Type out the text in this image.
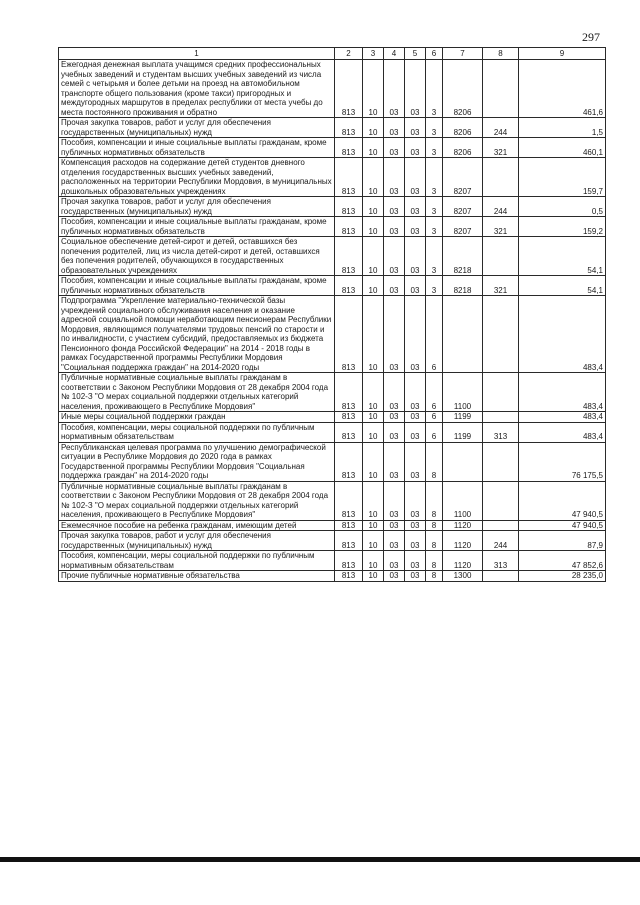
297
1	2	3	4	5	6	7	8	9
Ежегодная денежная выплата учащимся средних профессиональных учебных заведений и студентам высших учебных заведений из числа семей с четырьмя и более детьми на проезд на автомобильном транспорте общего пользования (кроме такси) пригородных и междугородных маршрутов в пределах республики от места учебы до места постоянного проживания и обратно	813	10	03	03	3	8206		461,6
Прочая закупка товаров, работ и услуг для обеспечения государственных (муниципальных) нужд	813	10	03	03	3	8206	244	1,5
Пособия, компенсации и иные социальные выплаты гражданам, кроме публичных нормативных обязательств	813	10	03	03	3	8206	321	460,1
Компенсация расходов на содержание детей студентов дневного отделения государственных высших учебных заведений, расположенных на территории Республики Мордовия, в муниципальных дошкольных образовательных учреждениях	813	10	03	03	3	8207		159,7
Прочая закупка товаров, работ и услуг для обеспечения государственных (муниципальных) нужд	813	10	03	03	3	8207	244	0,5
Пособия, компенсации и иные социальные выплаты гражданам, кроме публичных нормативных обязательств	813	10	03	03	3	8207	321	159,2
Социальное обеспечение детей-сирот и детей, оставшихся без попечения родителей, лиц из числа детей-сирот и детей, оставшихся без попечения родителей, обучающихся в государственных образовательных учреждениях	813	10	03	03	3	8218		54,1
Пособия, компенсации и иные социальные выплаты гражданам, кроме публичных нормативных обязательств	813	10	03	03	3	8218	321	54,1
Подпрограмма "Укрепление материально-технической базы учреждений социального обслуживания населения и оказание адресной социальной помощи неработающим пенсионерам Республики Мордовия, являющимся получателями трудовых пенсий по старости и по инвалидности, с участием субсидий, предоставляемых из бюджета Пенсионного фонда Российской Федерации" на 2014 - 2018 годы в рамках Государственной программы Республики Мордовия "Социальная поддержка граждан" на 2014-2020 годы	813	10	03	03	6			483,4
Публичные нормативные социальные выплаты гражданам в соответствии с Законом Республики Мордовия от 28 декабря 2004 года № 102-З "О мерах социальной поддержки отдельных категорий населения, проживающего в Республике Мордовия"	813	10	03	03	6	1100		483,4
Иные меры социальной поддержки граждан	813	10	03	03	6	1199		483,4
Пособия, компенсации, меры социальной поддержки по публичным нормативным обязательствам	813	10	03	03	6	1199	313	483,4
Республиканская целевая программа по улучшению демографической ситуации в Республике Мордовия до 2020 года в рамках Государственной программы Республики Мордовия "Социальная поддержка граждан" на 2014-2020 годы	813	10	03	03	8			76 175,5
Публичные нормативные социальные выплаты гражданам в соответствии с Законом Республики Мордовия от 28 декабря 2004 года № 102-З "О мерах социальной поддержки отдельных категорий населения, проживающего в Республике Мордовия"	813	10	03	03	8	1100		47 940,5
Ежемесячное пособие на ребенка гражданам, имеющим детей	813	10	03	03	8	1120		47 940,5
Прочая закупка товаров, работ и услуг для обеспечения государственных (муниципальных) нужд	813	10	03	03	8	1120	244	87,9
Пособия, компенсации, меры социальной поддержки по публичным нормативным обязательствам	813	10	03	03	8	1120	313	47 852,6
Прочие публичные нормативные обязательства	813	10	03	03	8	1300		28 235,0
